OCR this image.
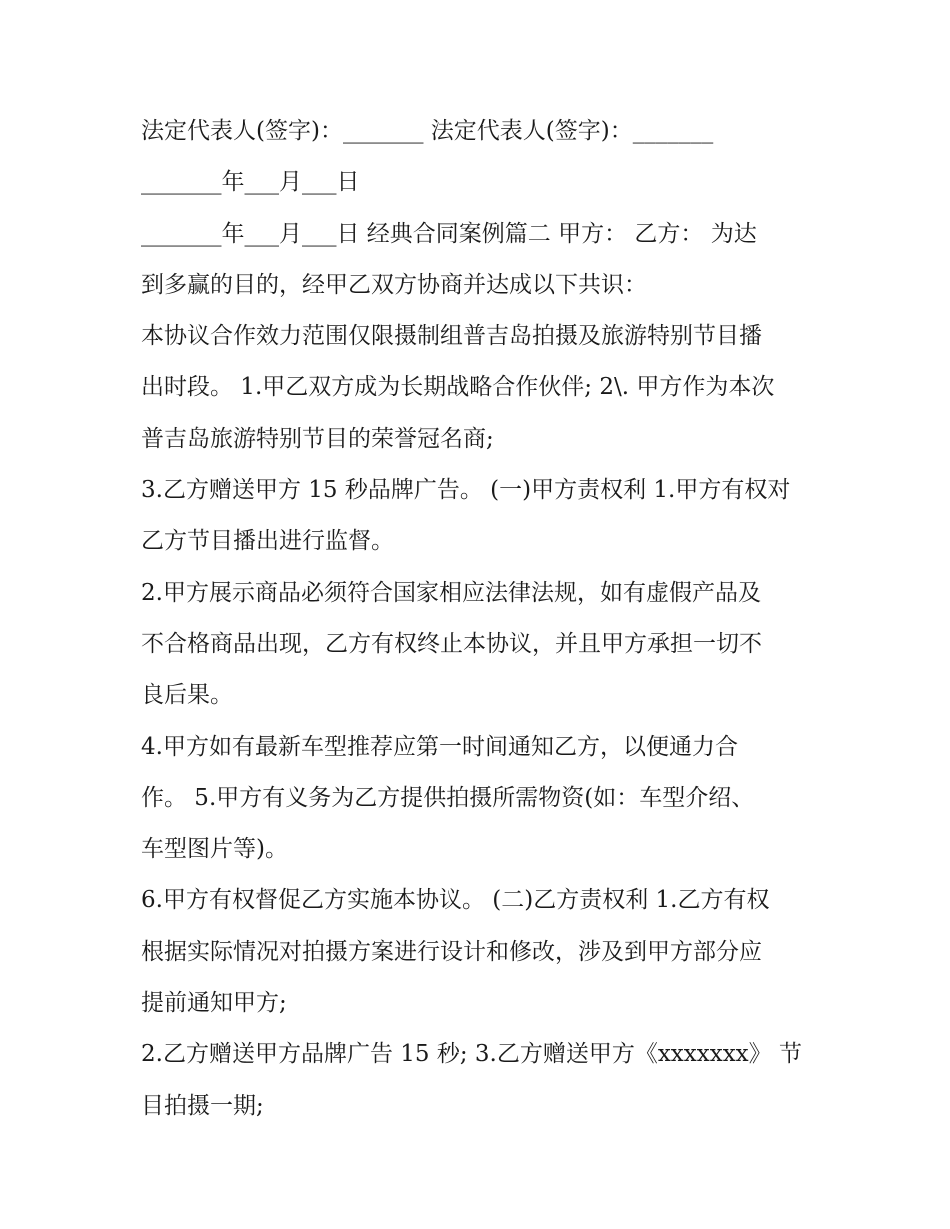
法定代表人(签字)：_______ 法定代表人(签字)：_______

_______年___月___日

_______年___月___日 经典合同案例篇二 甲方： 乙方： 为达

到多赢的目的，经甲乙双方协商并达成以下共识：

本协议合作效力范围仅限摄制组普吉岛拍摄及旅游特别节目播

出时段。 1.甲乙双方成为长期战略合作伙伴; 2\. 甲方作为本次

普吉岛旅游特别节目的荣誉冠名商;

3.乙方赠送甲方 15 秒品牌广告。 (一)甲方责权利 1.甲方有权对

乙方节目播出进行监督。

2.甲方展示商品必须符合国家相应法律法规，如有虚假产品及

不合格商品出现，乙方有权终止本协议，并且甲方承担一切不

良后果。

4.甲方如有最新车型推荐应第一时间通知乙方，以便通力合

作。 5.甲方有义务为乙方提供拍摄所需物资(如：车型介绍、

车型图片等)。

6.甲方有权督促乙方实施本协议。 (二)乙方责权利 1.乙方有权

根据实际情况对拍摄方案进行设计和修改，涉及到甲方部分应

提前通知甲方;

2.乙方赠送甲方品牌广告 15 秒; 3.乙方赠送甲方《xxxxxxx》 节

目拍摄一期;
